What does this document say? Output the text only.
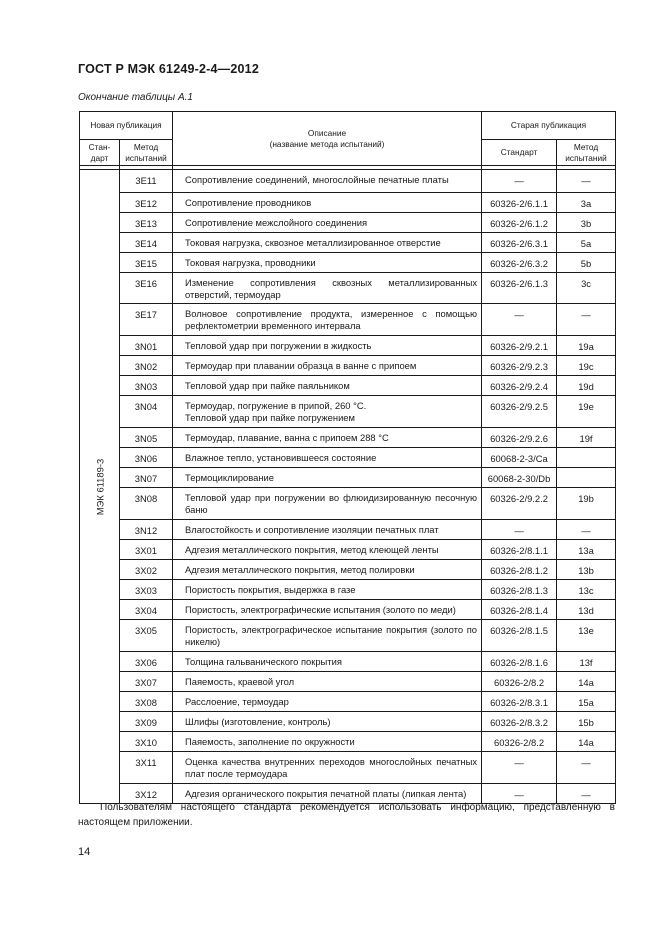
ГОСТ Р МЭК 61249-2-4—2012
Окончание таблицы А.1
Новая публикация		Описание
(название метода испытаний)	Старая публикация	
Стан-дарт	Метод испытаний		Стандарт	Метод испытаний

МЭК 61189-3	3E11	Сопротивление соединений, многослойные печатные платы	—	—
	3E12	Сопротивление проводников	60326-2/6.1.1	3a
	3E13	Сопротивление межслойного соединения	60326-2/6.1.2	3b
	3E14	Токовая нагрузка, сквозное металлизированное отверстие	60326-2/6.3.1	5a
	3E15	Токовая нагрузка, проводники	60326-2/6.3.2	5b
	3E16	Изменение сопротивления сквозных металлизированных отверстий, термоудар	60326-2/6.1.3	3c
	3E17	Волновое сопротивление продукта, измеренное с помощью рефлектометрии временного интервала	—	—
	3N01	Тепловой удар при погружении в жидкость	60326-2/9.2.1	19a
	3N02	Термоудар при плавании образца в ванне с припоем	60326-2/9.2.3	19c
	3N03	Тепловой удар при пайке паяльником	60326-2/9.2.4	19d
	3N04	Термоудар, погружение в припой, 260 °С.
Тепловой удар при пайке погружением	60326-2/9.2.5	19e
	3N05	Термоудар, плавание, ванна с припоем 288 °С	60326-2/9.2.6	19f
	3N06	Влажное тепло, установившееся состояние	60068-2-3/Ca	
	3N07	Термоциклирование	60068-2-30/Db	
	3N08	Тепловой удар при погружении во флюидизированную песочную баню	60326-2/9.2.2	19b
	3N12	Влагостойкость и сопротивление изоляции печатных плат	—	—
	3X01	Адгезия металлического покрытия, метод клеющей ленты	60326-2/8.1.1	13a
	3X02	Адгезия металлического покрытия, метод полировки	60326-2/8.1.2	13b
	3X03	Пористость покрытия, выдержка в газе	60326-2/8.1.3	13c
	3X04	Пористость, электрографические испытания (золото по меди)	60326-2/8.1.4	13d
	3X05	Пористость, электрографическое испытание покрытия (золото по никелю)	60326-2/8.1.5	13e
	3X06	Толщина гальванического покрытия	60326-2/8.1.6	13f
	3X07	Паяемость, краевой угол	60326-2/8.2	14a
	3X08	Расслоение, термоудар	60326-2/8.3.1	15a
	3X09	Шлифы (изготовление, контроль)	60326-2/8.3.2	15b
	3X10	Паяемость, заполнение по окружности	60326-2/8.2	14a
	3X11	Оценка качества внутренних переходов многослойных печатных плат после термоудара	—	—
	3X12	Адгезия органического покрытия печатной платы (липкая лента)	—	—
Пользователям настоящего стандарта рекомендуется использовать информацию, представленную в настоящем приложении.
14
